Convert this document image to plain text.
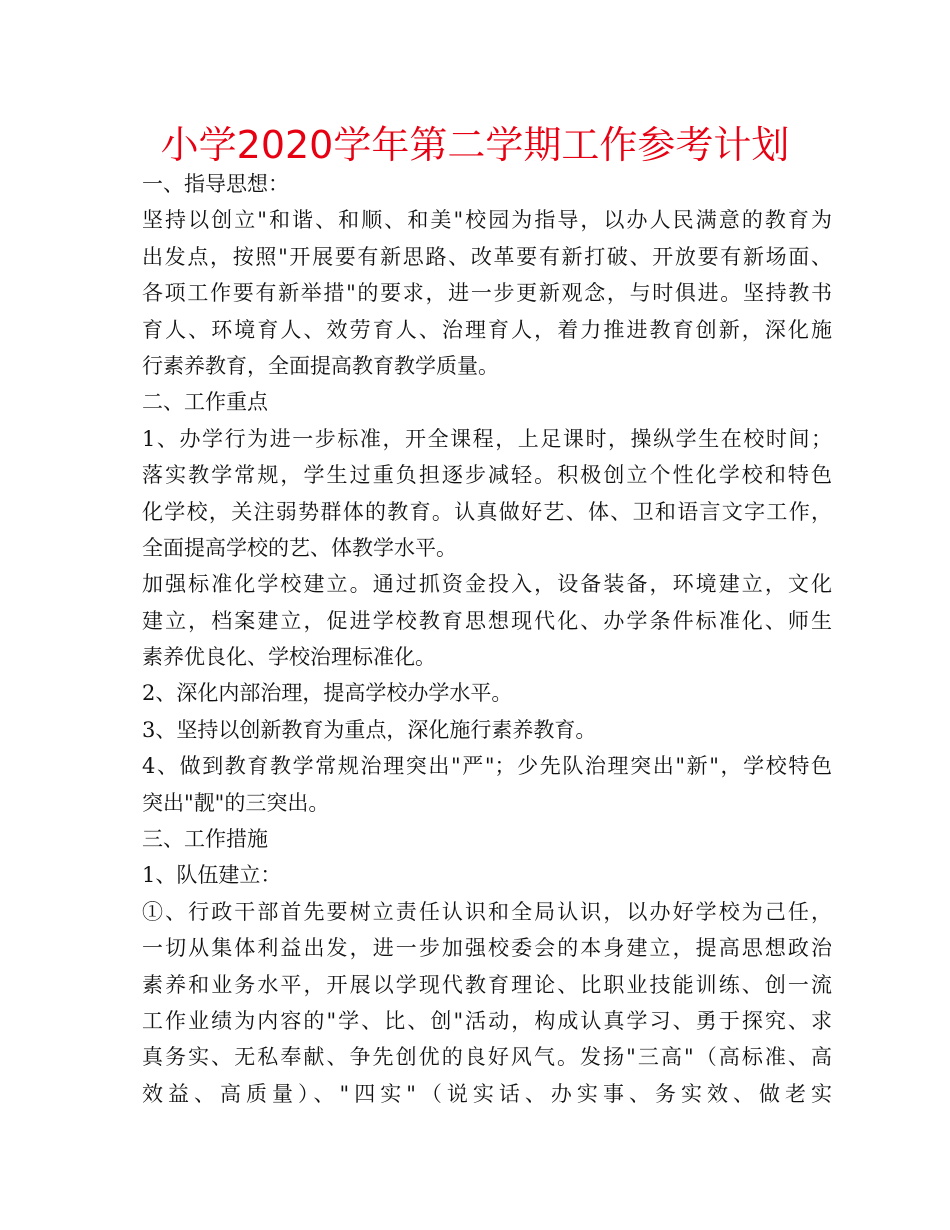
小学2020学年第二学期工作参考计划
一、指导思想：
坚持以创立"和谐、和顺、和美"校园为指导，以办人民满意的教育为
出发点，按照"开展要有新思路、改革要有新打破、开放要有新场面、
各项工作要有新举措"的要求，进一步更新观念，与时俱进。坚持教书
育人、环境育人、效劳育人、治理育人，着力推进教育创新，深化施
行素养教育，全面提高教育教学质量。
二、工作重点
1、办学行为进一步标准，开全课程，上足课时，操纵学生在校时间；
落实教学常规，学生过重负担逐步减轻。积极创立个性化学校和特色
化学校，关注弱势群体的教育。认真做好艺、体、卫和语言文字工作，
全面提高学校的艺、体教学水平。
加强标准化学校建立。通过抓资金投入，设备装备，环境建立，文化
建立，档案建立，促进学校教育思想现代化、办学条件标准化、师生
素养优良化、学校治理标准化。
2、深化内部治理，提高学校办学水平。
3、坚持以创新教育为重点，深化施行素养教育。
4、做到教育教学常规治理突出"严"；少先队治理突出"新"，学校特色
突出"靓"的三突出。
三、工作措施
1、队伍建立：
①、行政干部首先要树立责任认识和全局认识，以办好学校为己任，
一切从集体利益出发，进一步加强校委会的本身建立，提高思想政治
素养和业务水平，开展以学现代教育理论、比职业技能训练、创一流
工作业绩为内容的"学、比、创"活动，构成认真学习、勇于探究、求
真务实、无私奉献、争先创优的良好风气。发扬"三高"（高标准、高
效益、高质量）、"四实"（说实话、办实事、务实效、做老实
